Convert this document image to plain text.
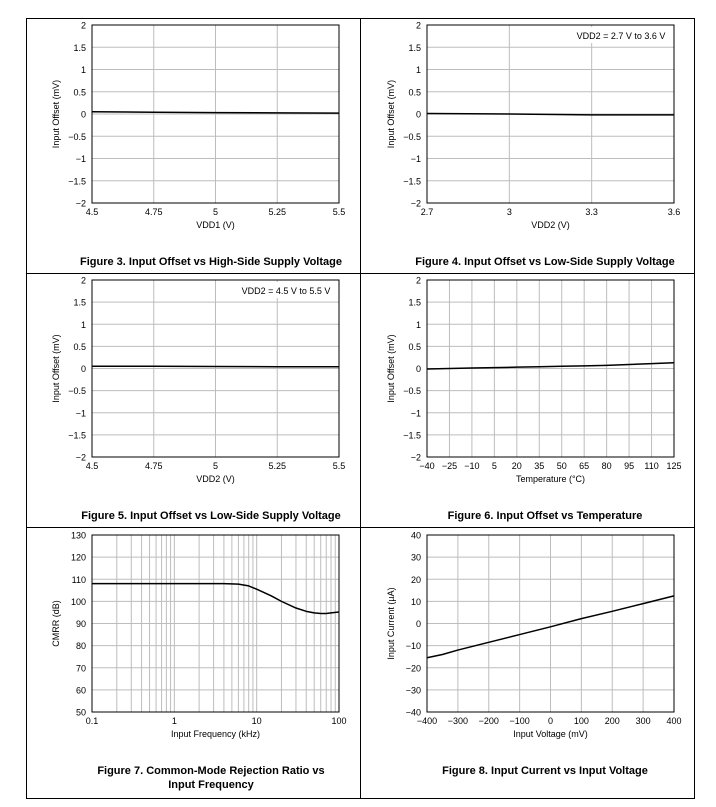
−2
−1.5
−1
−0.5
0
0.5
1
1.5
2
4.5	4.75	5	5.25	5.5
VDD1 (V)
Input Offset (mV)
−2
−1.5
−1
−0.5
0
0.5
1
1.5
2
2.7	3	3.3	3.6
VDD2 (V)
Input Offset (mV)
VDD2 = 2.7 V to 3.6 V
−2
−1.5
−1
−0.5
0
0.5
1
1.5
2
4.5	4.75	5	5.25	5.5
VDD2 (V)
Input Offset (mV)
VDD2 = 4.5 V to 5.5 V
−2
−1.5
−1
−0.5
0
0.5
1
1.5
2
−40 −25 −10 5 20 35 50 65 80 95 110 125
Temperature (°C)
Input Offset (mV)
50
60
70
80
90
100
110
120
130
0.1	1	10	100
Input Frequency (kHz)
CMRR (dB)
−40
−30
−20
−10
0
10
20
30
40
−400 −300 −200 −100 0 100 200 300 400
Input Voltage (mV)
Input Current (µA)
Figure 3. Input Offset vs High-Side Supply Voltage	Figure 4. Input Offset vs Low-Side Supply Voltage
Figure 5. Input Offset vs Low-Side Supply Voltage	Figure 6. Input Offset vs Temperature
Figure 7. Common-Mode Rejection Ratio vs
Input Frequency
Figure 8. Input Current vs Input Voltage
